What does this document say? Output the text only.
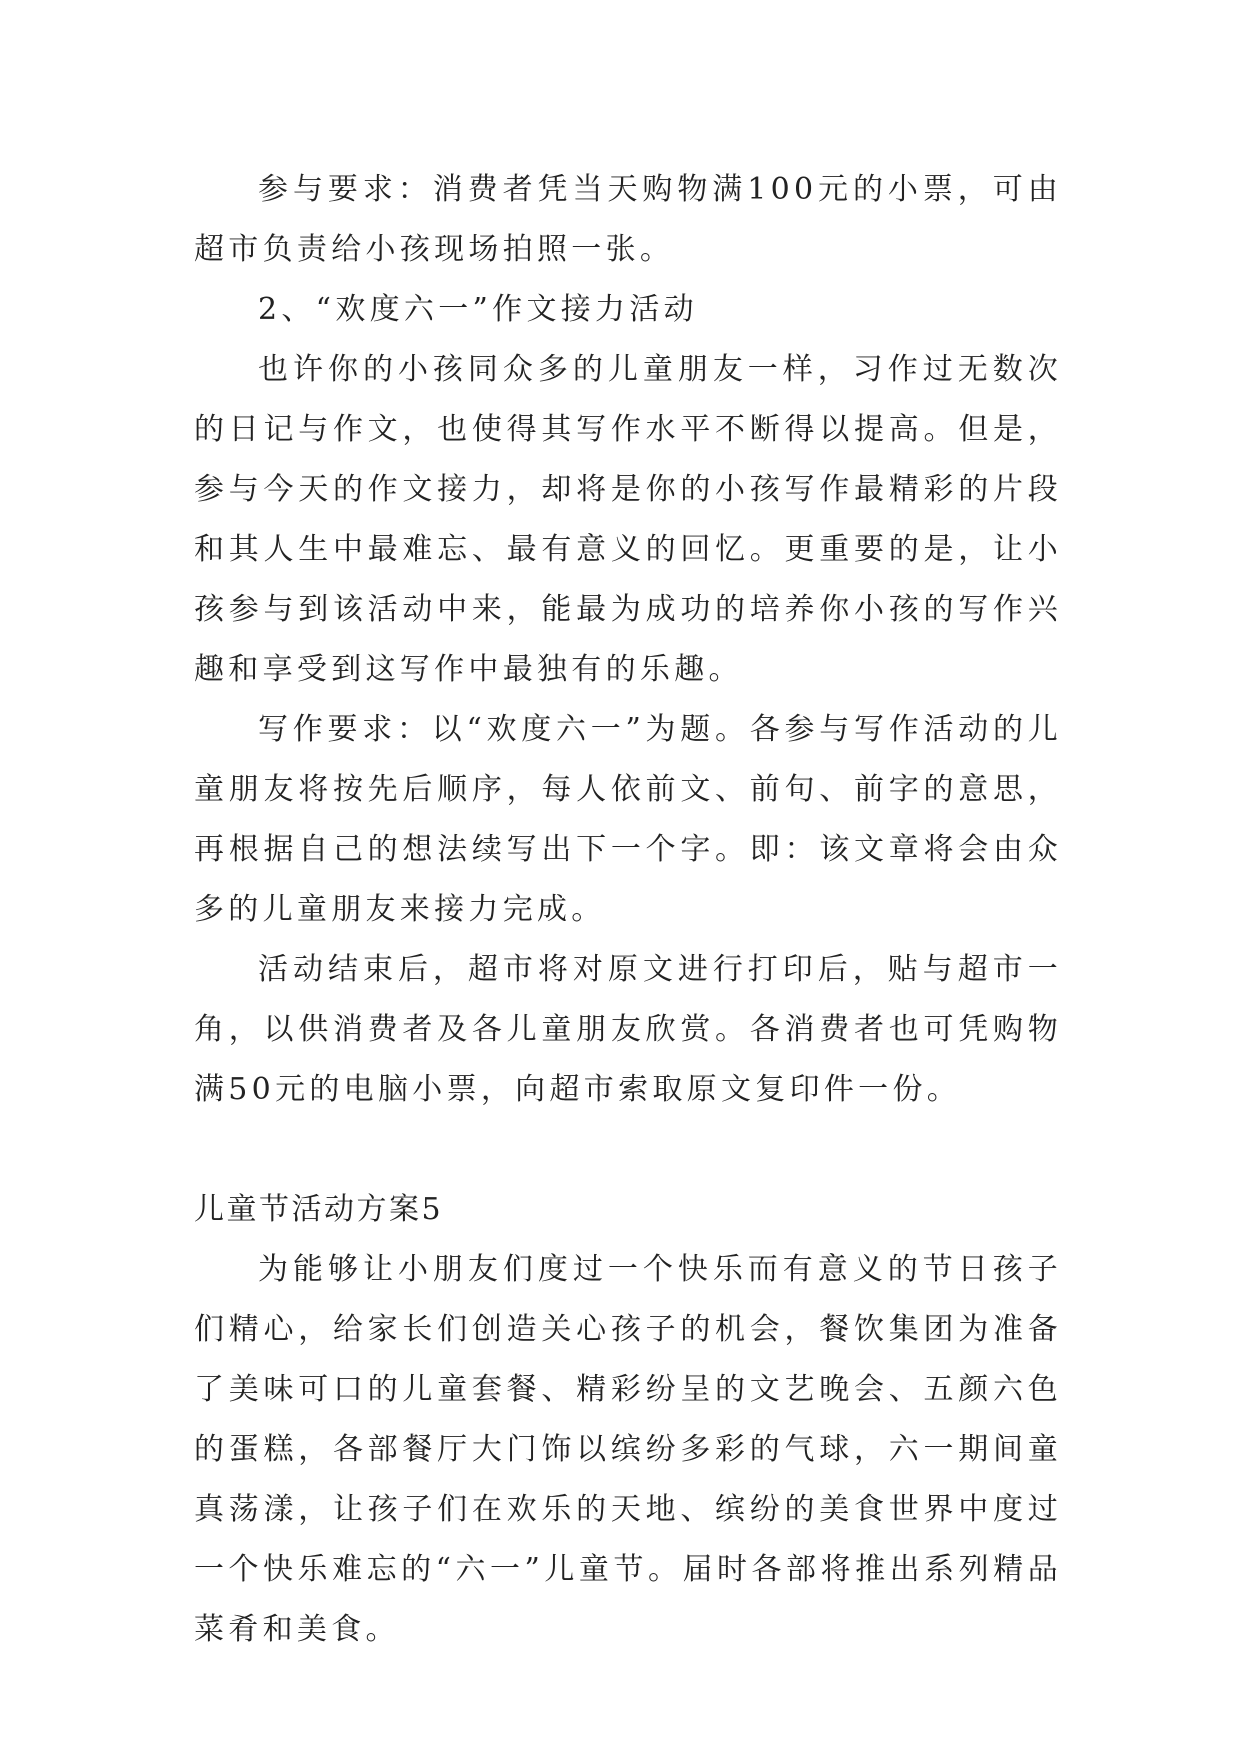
参与要求：消费者凭当天购物满100元的小票，可由超市负责给小孩现场拍照一张。

2、“欢度六一”作文接力活动

也许你的小孩同众多的儿童朋友一样，习作过无数次的日记与作文，也使得其写作水平不断得以提高。但是，参与今天的作文接力，却将是你的小孩写作最精彩的片段和其人生中最难忘、最有意义的回忆。更重要的是，让小孩参与到该活动中来，能最为成功的培养你小孩的写作兴趣和享受到这写作中最独有的乐趣。

写作要求：以“欢度六一”为题。各参与写作活动的儿童朋友将按先后顺序，每人依前文、前句、前字的意思，再根据自己的想法续写出下一个字。即：该文章将会由众多的儿童朋友来接力完成。

活动结束后，超市将对原文进行打印后，贴与超市一角，以供消费者及各儿童朋友欣赏。各消费者也可凭购物满50元的电脑小票，向超市索取原文复印件一份。

儿童节活动方案5

为能够让小朋友们度过一个快乐而有意义的节日孩子们精心，给家长们创造关心孩子的机会，餐饮集团为准备了美味可口的儿童套餐、精彩纷呈的文艺晚会、五颜六色的蛋糕，各部餐厅大门饰以缤纷多彩的气球，六一期间童真荡漾，让孩子们在欢乐的天地、缤纷的美食世界中度过一个快乐难忘的“六一”儿童节。届时各部将推出系列精品菜肴和美食。
